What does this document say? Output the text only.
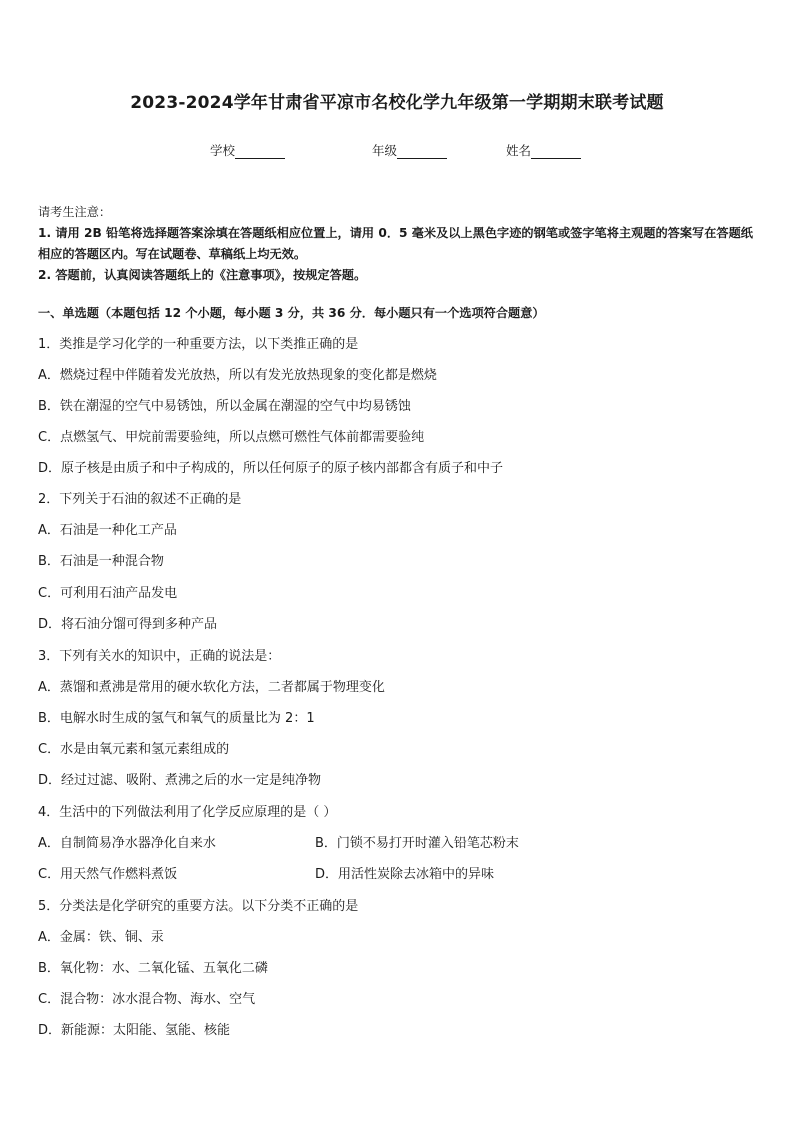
2023-2024学年甘肃省平凉市名校化学九年级第一学期期末联考试题
学校	年级	姓名
请考生注意：
1. 请用 2B 铅笔将选择题答案涂填在答题纸相应位置上，请用 0．5 毫米及以上黑色字迹的钢笔或签字笔将主观题的答案写在答题纸相应的答题区内。写在试题卷、草稿纸上均无效。
2. 答题前，认真阅读答题纸上的《注意事项》，按规定答题。
一、单选题（本题包括 12 个小题，每小题 3 分，共 36 分．每小题只有一个选项符合题意）
1．类推是学习化学的一种重要方法，以下类推正确的是
A．燃烧过程中伴随着发光放热，所以有发光放热现象的变化都是燃烧
B．铁在潮湿的空气中易锈蚀，所以金属在潮湿的空气中均易锈蚀
C．点燃氢气、甲烷前需要验纯，所以点燃可燃性气体前都需要验纯
D．原子核是由质子和中子构成的，所以任何原子的原子核内部都含有质子和中子
2．下列关于石油的叙述不正确的是
A．石油是一种化工产品
B．石油是一种混合物
C．可利用石油产品发电
D．将石油分馏可得到多种产品
3．下列有关水的知识中，正确的说法是：
A．蒸馏和煮沸是常用的硬水软化方法，二者都属于物理变化
B．电解水时生成的氢气和氧气的质量比为 2：1
C．水是由氧元素和氢元素组成的
D．经过过滤、吸附、煮沸之后的水一定是纯净物
4．生活中的下列做法利用了化学反应原理的是（ ）
A．自制简易净水器净化自来水	B．门锁不易打开时灌入铅笔芯粉末
C．用天然气作燃料煮饭	D．用活性炭除去冰箱中的异味
5．分类法是化学研究的重要方法。以下分类不正确的是
A．金属：铁、铜、汞
B．氧化物：水、二氧化锰、五氧化二磷
C．混合物：冰水混合物、海水、空气
D．新能源：太阳能、氢能、核能
